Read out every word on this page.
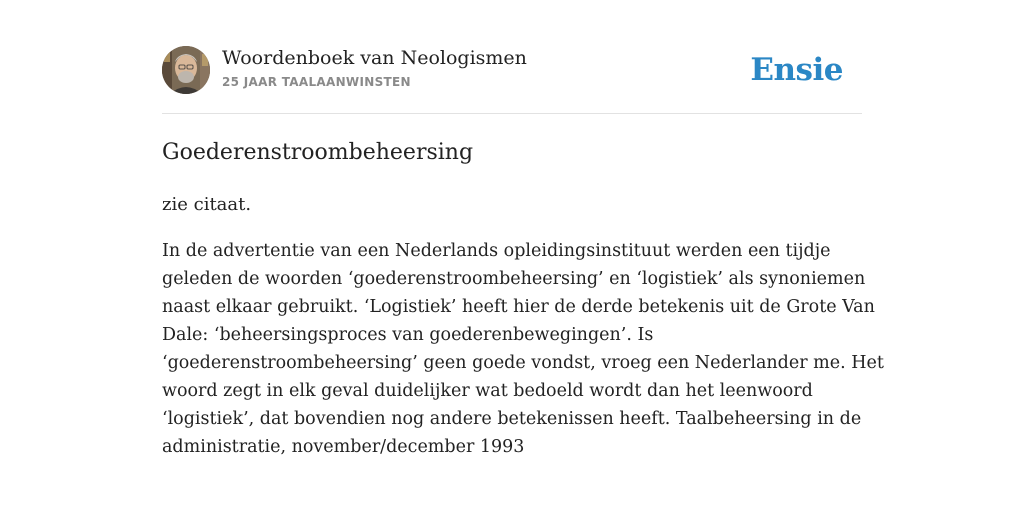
Woordenboek van Neologismen
25 JAAR TAALAANWINSTEN	Ensie
Goederenstroombeheersing
zie citaat.
In de advertentie van een Nederlands opleidingsinstituut werden een tijdje
geleden de woorden ‘goederenstroombeheersing’ en ‘logistiek’ als synoniemen
naast elkaar gebruikt. ‘Logistiek’ heeft hier de derde betekenis uit de Grote Van
Dale: ‘beheersingsproces van goederenbewegingen’. Is
‘goederenstroombeheersing’ geen goede vondst, vroeg een Nederlander me. Het
woord zegt in elk geval duidelijker wat bedoeld wordt dan het leenwoord
‘logistiek’, dat bovendien nog andere betekenissen heeft. Taalbeheersing in de
administratie, november/december 1993
